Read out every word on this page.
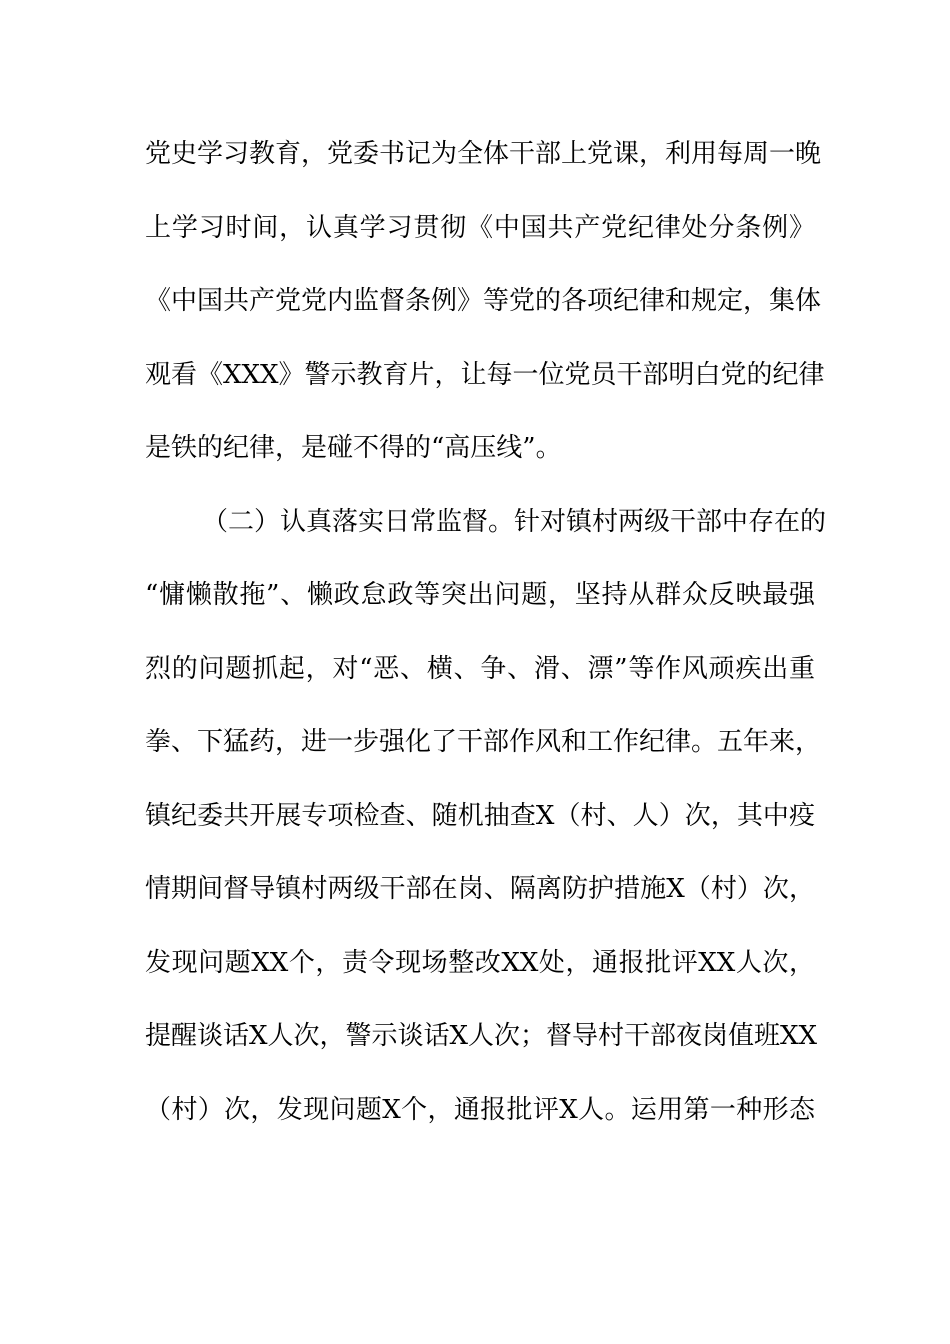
党史学习教育，党委书记为全体干部上党课，利用每周一晚
上学习时间，认真学习贯彻《中国共产党纪律处分条例》
《中国共产党党内监督条例》等党的各项纪律和规定，集体
观看《XXX》警示教育片，让每一位党员干部明白党的纪律
是铁的纪律，是碰不得的“高压线”。
（二）认真落实日常监督。针对镇村两级干部中存在的
“慵懒散拖”、懒政怠政等突出问题，坚持从群众反映最强
烈的问题抓起，对“恶、横、争、滑、漂”等作风顽疾出重
拳、下猛药，进一步强化了干部作风和工作纪律。五年来，
镇纪委共开展专项检查、随机抽查X（村、人）次，其中疫
情期间督导镇村两级干部在岗、隔离防护措施X（村）次，
发现问题XX个，责令现场整改XX处，通报批评XX人次，
提醒谈话X人次，警示谈话X人次；督导村干部夜岗值班XX
（村）次，发现问题X个，通报批评X人。运用第一种形态
